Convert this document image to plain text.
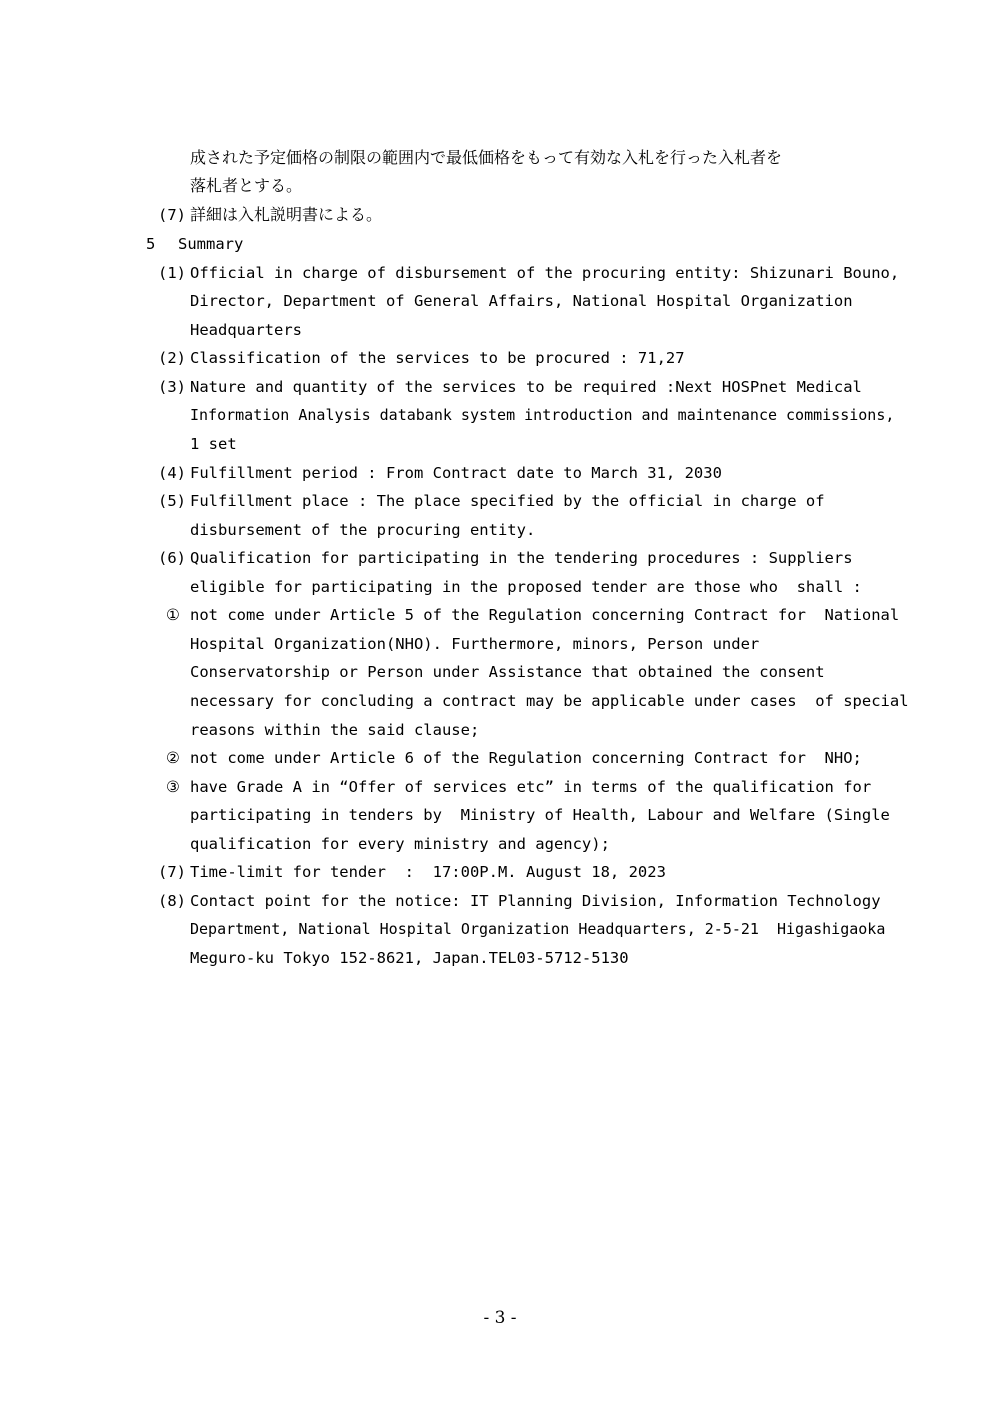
成された予定価格の制限の範囲内で最低価格をもって有効な入札を行った入札者を
落札者とする。
(7) 詳細は入札説明書による。
5 Summary
(1) Official in charge of disbursement of the procuring entity: Shizunari Bouno,
Director, Department of General Affairs, National Hospital Organization
Headquarters
(2) Classification of the services to be procured : 71,27
(3) Nature and quantity of the services to be required :Next HOSPnet Medical
Information Analysis databank system introduction and maintenance commissions,
1 set
(4) Fulfillment period : From Contract date to March 31, 2030
(5) Fulfillment place : The place specified by the official in charge of
disbursement of the procuring entity.
(6) Qualification for participating in the tendering procedures : Suppliers
eligible for participating in the proposed tender are those who  shall :
① not come under Article 5 of the Regulation concerning Contract for  National
Hospital Organization(NHO). Furthermore, minors, Person under
Conservatorship or Person under Assistance that obtained the consent
necessary for concluding a contract may be applicable under cases  of special
reasons within the said clause;
② not come under Article 6 of the Regulation concerning Contract for  NHO;
③ have Grade A in “Offer of services etc” in terms of the qualification for
participating in tenders by  Ministry of Health, Labour and Welfare (Single
qualification for every ministry and agency);
(7) Time-limit for tender  :  17:00P.M. August 18, 2023
(8) Contact point for the notice: IT Planning Division, Information Technology
Department, National Hospital Organization Headquarters, 2-5-21  Higashigaoka
Meguro-ku Tokyo 152-8621, Japan.TEL03-5712-5130
- 3 -
